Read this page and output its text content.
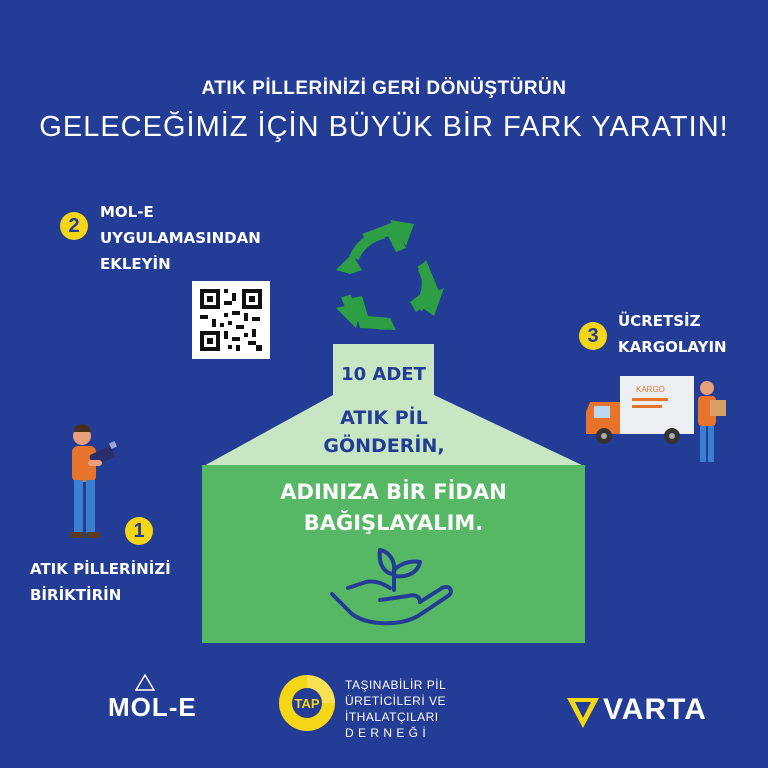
ATIK PİLLERİNİZİ GERİ DÖNÜŞTÜRÜN
GELECEĞİMİZ İÇİN BÜYÜK BİR FARK YARATIN!
2
MOL-E
UYGULAMASINDAN
EKLEYİN
10 ADET
ATIK PİL
GÖNDERİN,
ADINIZA BİR FİDAN
BAĞIŞLAYALIM.
1
ATIK PİLLERİNİZİ
BİRİKTİRİN
3
ÜCRETSİZ
KARGOLAYIN
KARGO
MOL-E	TAP
TAŞINABİLİR PİL
ÜRETİCİLERİ VE
İTHALATÇILARI
D E R N E Ğ İ
VARTA
